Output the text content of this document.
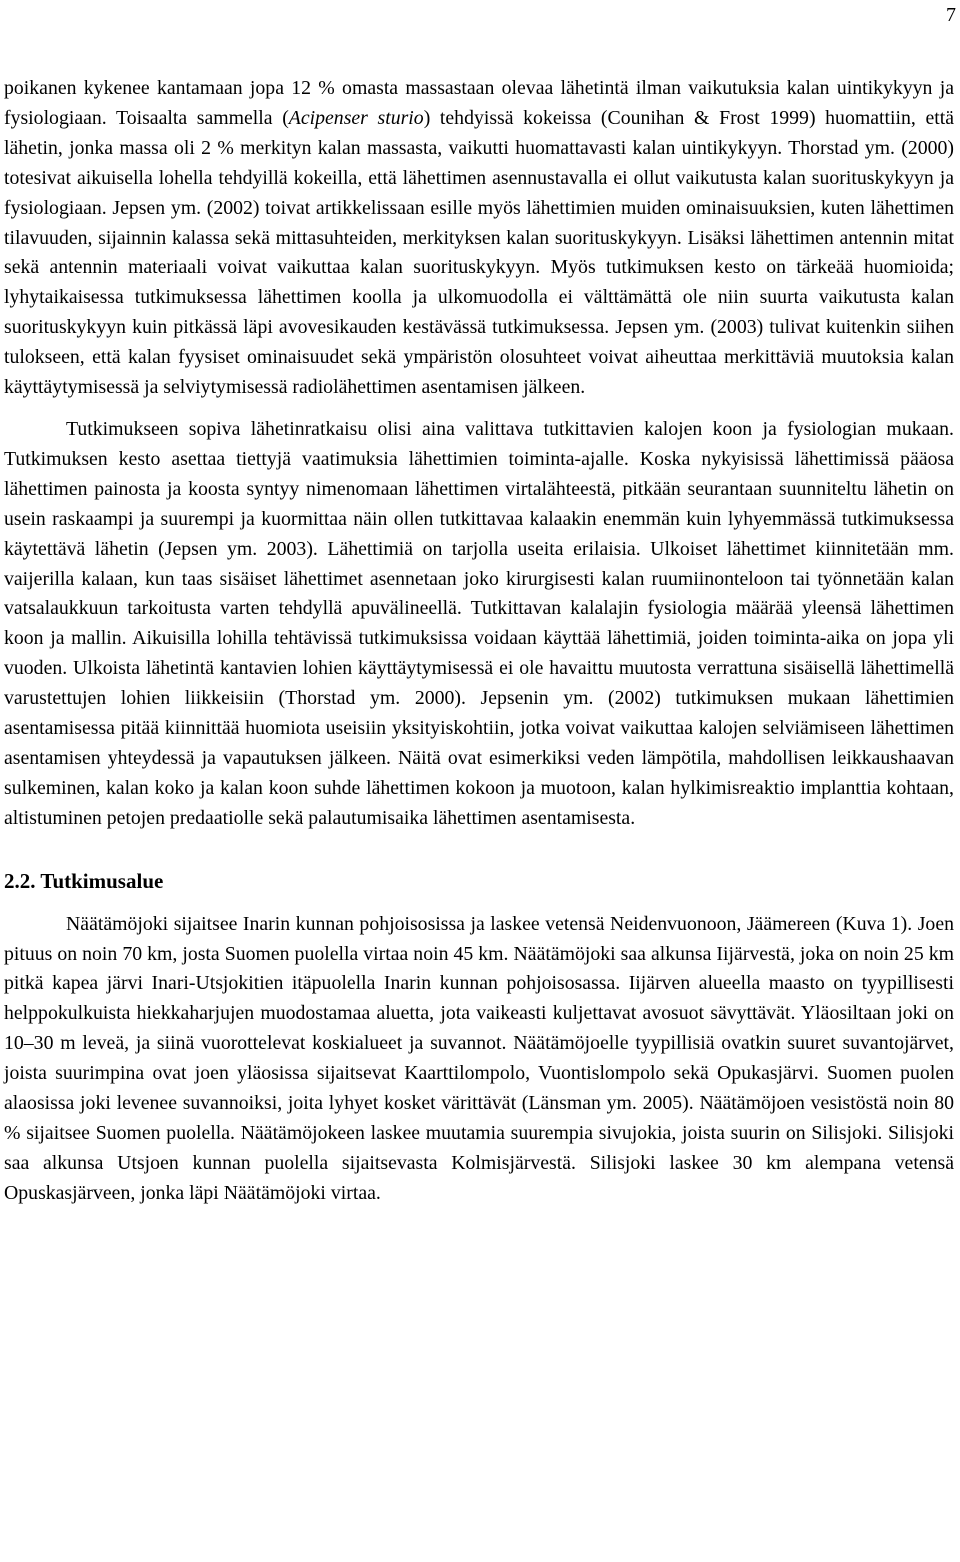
7

poikanen kykenee kantamaan jopa 12 % omasta massastaan olevaa lähetintä ilman vaikutuksia kalan uintikykyyn ja fysiologiaan. Toisaalta sammella (Acipenser sturio) tehdyissä kokeissa (Counihan & Frost 1999) huomattiin, että lähetin, jonka massa oli 2 % merkityn kalan massasta, vaikutti huomattavasti kalan uintikykyyn. Thorstad ym. (2000) totesivat aikuisella lohella tehdyillä kokeilla, että lähettimen asennustavalla ei ollut vaikutusta kalan suorituskykyyn ja fysiologiaan. Jepsen ym. (2002) toivat artikkelissaan esille myös lähettimien muiden ominaisuuksien, kuten lähettimen tilavuuden, sijainnin kalassa sekä mittasuhteiden, merkityksen kalan suorituskykyyn. Lisäksi lähettimen antennin mitat sekä antennin materiaali voivat vaikuttaa kalan suorituskykyyn. Myös tutkimuksen kesto on tärkeää huomioida; lyhytaikaisessa tutkimuksessa lähettimen koolla ja ulkomuodolla ei välttämättä ole niin suurta vaikutusta kalan suorituskykyyn kuin pitkässä läpi avovesikauden kestävässä tutkimuksessa. Jepsen ym. (2003) tulivat kuitenkin siihen tulokseen, että kalan fyysiset ominaisuudet sekä ympäristön olosuhteet voivat aiheuttaa merkittäviä muutoksia kalan käyttäytymisessä ja selviytymisessä radiolähettimen asentamisen jälkeen.

Tutkimukseen sopiva lähetinratkaisu olisi aina valittava tutkittavien kalojen koon ja fysiologian mukaan. Tutkimuksen kesto asettaa tiettyjä vaatimuksia lähettimien toiminta-ajalle. Koska nykyisissä lähettimissä pääosa lähettimen painosta ja koosta syntyy nimenomaan lähettimen virtalähteestä, pitkään seurantaan suunniteltu lähetin on usein raskaampi ja suurempi ja kuormittaa näin ollen tutkittavaa kalaakin enemmän kuin lyhyemmässä tutkimuksessa käytettävä lähetin (Jepsen ym. 2003). Lähettimiä on tarjolla useita erilaisia. Ulkoiset lähettimet kiinnitetään mm. vaijerilla kalaan, kun taas sisäiset lähettimet asennetaan joko kirurgisesti kalan ruumiinonteloon tai työnnetään kalan vatsalaukkuun tarkoitusta varten tehdyllä apuvälineellä. Tutkittavan kalalajin fysiologia määrää yleensä lähettimen koon ja mallin. Aikuisilla lohilla tehtävissä tutkimuksissa voidaan käyttää lähettimiä, joiden toiminta-aika on jopa yli vuoden. Ulkoista lähetintä kantavien lohien käyttäytymisessä ei ole havaittu muutosta verrattuna sisäisellä lähettimellä varustettujen lohien liikkeisiin (Thorstad ym. 2000). Jepsenin ym. (2002) tutkimuksen mukaan lähettimien asentamisessa pitää kiinnittää huomiota useisiin yksityiskohtiin, jotka voivat vaikuttaa kalojen selviämiseen lähettimen asentamisen yhteydessä ja vapautuksen jälkeen. Näitä ovat esimerkiksi veden lämpötila, mahdollisen leikkaushaavan sulkeminen, kalan koko ja kalan koon suhde lähettimen kokoon ja muotoon, kalan hylkimisreaktio implanttia kohtaan, altistuminen petojen predaatiolle sekä palautumisaika lähettimen asentamisesta.

2.2. Tutkimusalue

Näätämöjoki sijaitsee Inarin kunnan pohjoisosissa ja laskee vetensä Neidenvuonoon, Jäämereen (Kuva 1). Joen pituus on noin 70 km, josta Suomen puolella virtaa noin 45 km. Näätämöjoki saa alkunsa Iijärvestä, joka on noin 25 km pitkä kapea järvi Inari-Utsjokitien itäpuolella Inarin kunnan pohjoisosassa. Iijärven alueella maasto on tyypillisesti helppokulkuista hiekkaharjujen muodostamaa aluetta, jota vaikeasti kuljettavat avosuot sävyttävät. Yläosiltaan joki on 10–30 m leveä, ja siinä vuorottelevat koskialueet ja suvannot. Näätämöjoelle tyypillisiä ovatkin suuret suvantojärvet, joista suurimpina ovat joen yläosissa sijaitsevat Kaarttilompolo, Vuontislompolo sekä Opukasjärvi. Suomen puolen alaosissa joki levenee suvannoiksi, joita lyhyet kosket värittävät (Länsman ym. 2005). Näätämöjoen vesistöstä noin 80 % sijaitsee Suomen puolella. Näätämöjokeen laskee muutamia suurempia sivujokia, joista suurin on Silisjoki. Silisjoki saa alkunsa Utsjoen kunnan puolella sijaitsevasta Kolmisjärvestä. Silisjoki laskee 30 km alempana vetensä Opuskasjärveen, jonka läpi Näätämöjoki virtaa.
